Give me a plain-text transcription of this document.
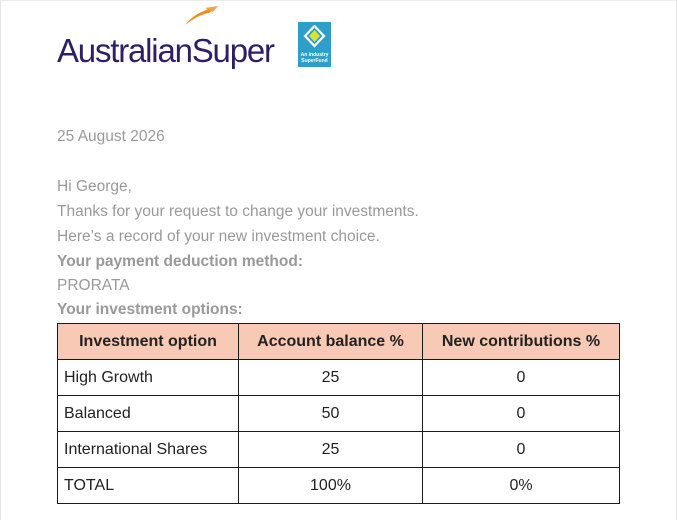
AustralianSuper	An industry
SuperFund
25 August 2026
Hi George,
Thanks for your request to change your investments.
Here’s a record of your new investment choice.
Your payment deduction method:
PRORATA
Your investment options:
Investment option	Account balance %	New contributions %
High Growth	25	0
Balanced	50	0
International Shares	25	0
TOTAL	100%	0%
